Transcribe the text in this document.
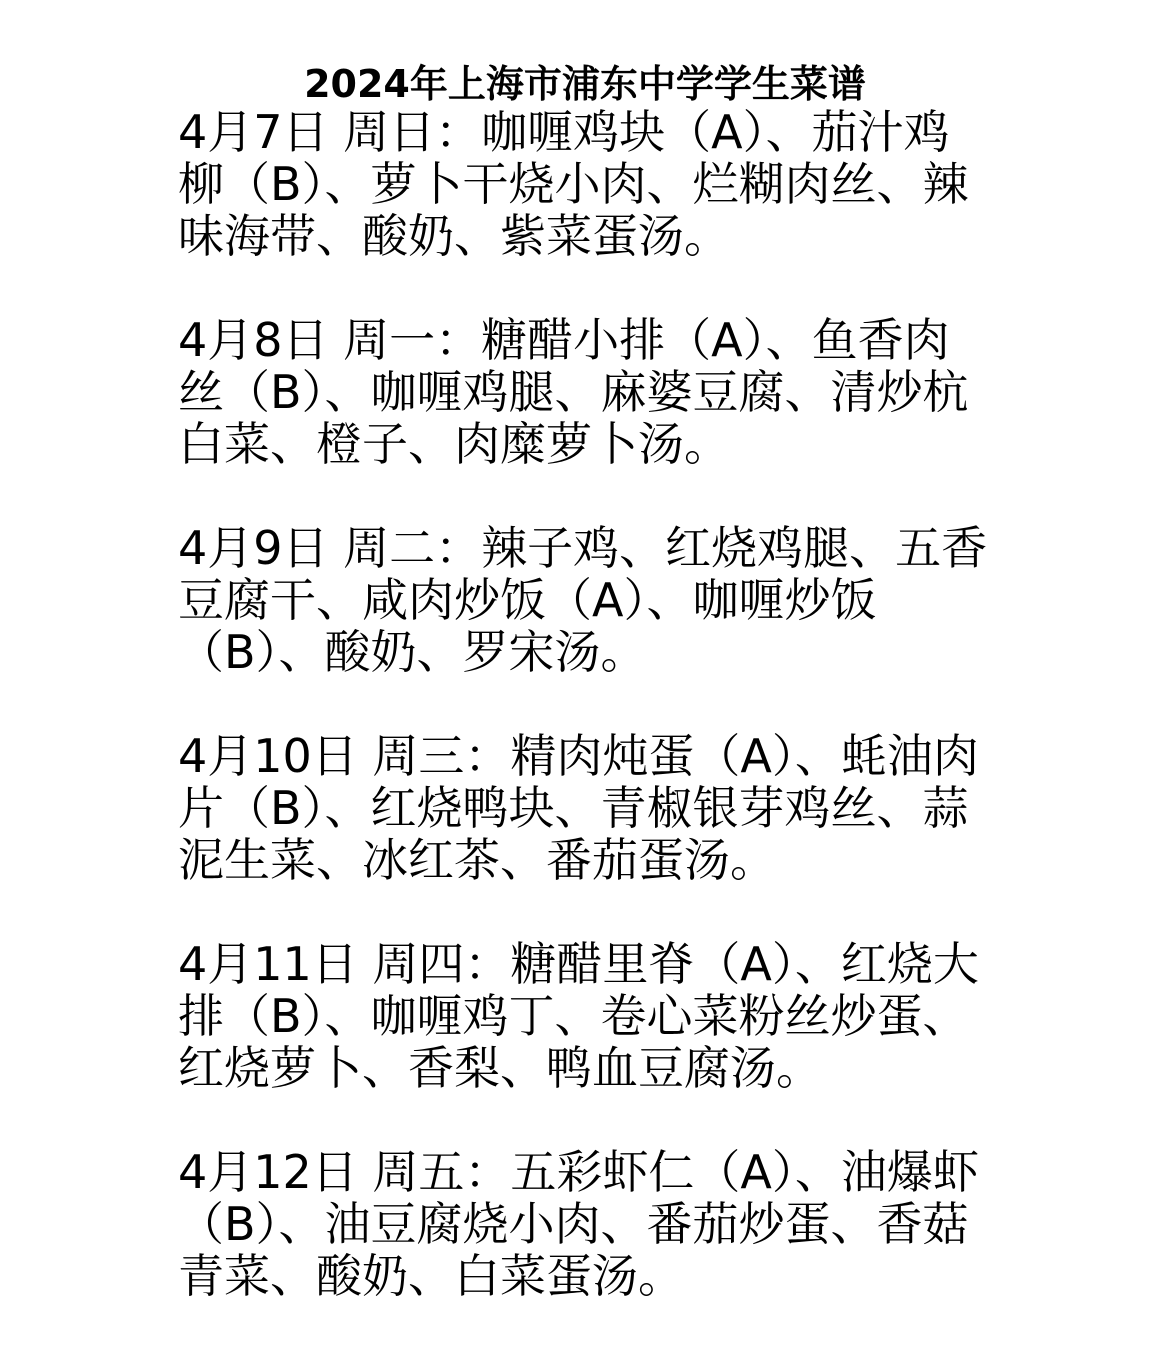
2024年上海市浦东中学学生菜谱

4月7日 周日：咖喱鸡块（A）、茄汁鸡柳（B）、萝卜干烧小肉、烂糊肉丝、辣味海带、酸奶、紫菜蛋汤。

4月8日 周一：糖醋小排（A）、鱼香肉丝（B）、咖喱鸡腿、麻婆豆腐、清炒杭白菜、橙子、肉糜萝卜汤。

4月9日 周二：辣子鸡、红烧鸡腿、五香豆腐干、咸肉炒饭（A）、咖喱炒饭（B）、酸奶、罗宋汤。

4月10日 周三：精肉炖蛋（A）、蚝油肉片（B）、红烧鸭块、青椒银芽鸡丝、蒜泥生菜、冰红茶、番茄蛋汤。

4月11日 周四：糖醋里脊（A）、红烧大排（B）、咖喱鸡丁、卷心菜粉丝炒蛋、红烧萝卜、香梨、鸭血豆腐汤。

4月12日 周五：五彩虾仁（A）、油爆虾（B）、油豆腐烧小肉、番茄炒蛋、香菇青菜、酸奶、白菜蛋汤。
